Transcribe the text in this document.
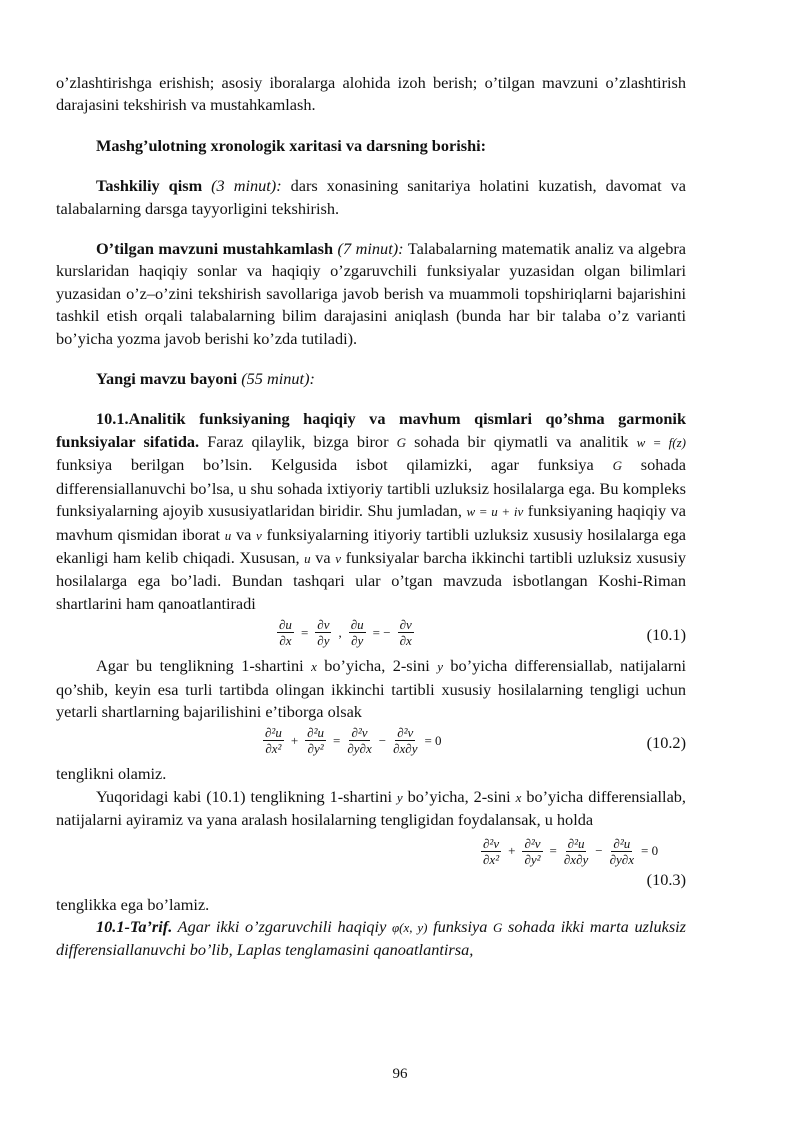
o’zlashtirishga erishish; asosiy iboralarga alohida izoh berish; o’tilgan mavzuni o’zlashtirish darajasini tekshirish va mustahkamlash.

Mashg’ulotning xronologik xaritasi va darsning borishi:

Tashkiliy qism (3 minut): dars xonasining sanitariya holatini kuzatish, davomat va talabalarning darsga tayyorligini tekshirish.

O’tilgan mavzuni mustahkamlash (7 minut): Talabalarning matematik analiz va algebra kurslaridan haqiqiy sonlar va haqiqiy o’zgaruvchili funksiyalar yuzasidan olgan bilimlari yuzasidan o’z–o’zini tekshirish savollariga javob berish va muammoli topshiriqlarni bajarishini tashkil etish orqali talabalarning bilim darajasini aniqlash (bunda har bir talaba o’z varianti bo’yicha yozma javob berishi ko’zda tutiladi).

Yangi mavzu bayoni (55 minut):

10.1.Analitik funksiyaning haqiqiy va mavhum qismlari qo’shma garmonik funksiyalar sifatida. Faraz qilaylik, bizga biror G sohada bir qiymatli va analitik w = f(z) funksiya berilgan bo’lsin. Kelgusida isbot qilamizki, agar funksiya G sohada differensiallanuvchi bo’lsa, u shu sohada ixtiyoriy tartibli uzluksiz hosilalarga ega. Bu kompleks funksiyalarning ajoyib xususiyatlaridan biridir. Shu jumladan, w = u + iv funksiyaning haqiqiy va mavhum qismidan iborat u va v funksiyalarning itiyoriy tartibli uzluksiz xususiy hosilalarga ega ekanligi ham kelib chiqadi. Xususan, u va v funksiyalar barcha ikkinchi tartibli uzluksiz xususiy hosilalarga ega bo’ladi. Bundan tashqari ular o’tgan mavzuda isbotlangan Koshi-Riman shartlarini ham qanoatlantiradi

$\frac{\partial u}{\partial x} = \frac{\partial v}{\partial y}$ , $\frac{\partial u}{\partial y}$ = − $\frac{\partial v}{\partial x}$	(10.1)

Agar bu tenglikning 1-shartini x bo’yicha, 2-sini y bo’yicha differensiallab, natijalarni qo’shib, keyin esa turli tartibda olingan ikkinchi tartibli xususiy hosilalarning tengligi uchun yetarli shartlarning bajarilishini e’tiborga olsak

$\frac{\text{∂²u}}{\text{∂x²}} + \frac{\text{∂²u}}{\text{∂y²}} = \frac{\text{∂²v}}{\partial y\partial x} - \frac{\text{∂²v}}{\partial x\partial y} = 0$	(10.2)

tenglikni olamiz.

Yuqoridagi kabi (10.1) tenglikning 1-shartini y bo’yicha, 2-sini x bo’yicha differensiallab, natijalarni ayiramiz va yana aralash hosilalarning tengligidan foydalansak, u holda

$\frac{\text{∂²v}}{\text{∂x²}} + \frac{\text{∂²v}}{\text{∂y²}} = \frac{\text{∂²u}}{\partial x\partial y} - \frac{\text{∂²u}}{\partial y\partial x} = 0$
(10.3)

tenglikka ega bo’lamiz.

10.1-Ta’rif. Agar ikki o’zgaruvchili haqiqiy φ(x, y) funksiya G sohada ikki marta uzluksiz differensiallanuvchi bo’lib, Laplas tenglamasini qanoatlantirsa,

96
